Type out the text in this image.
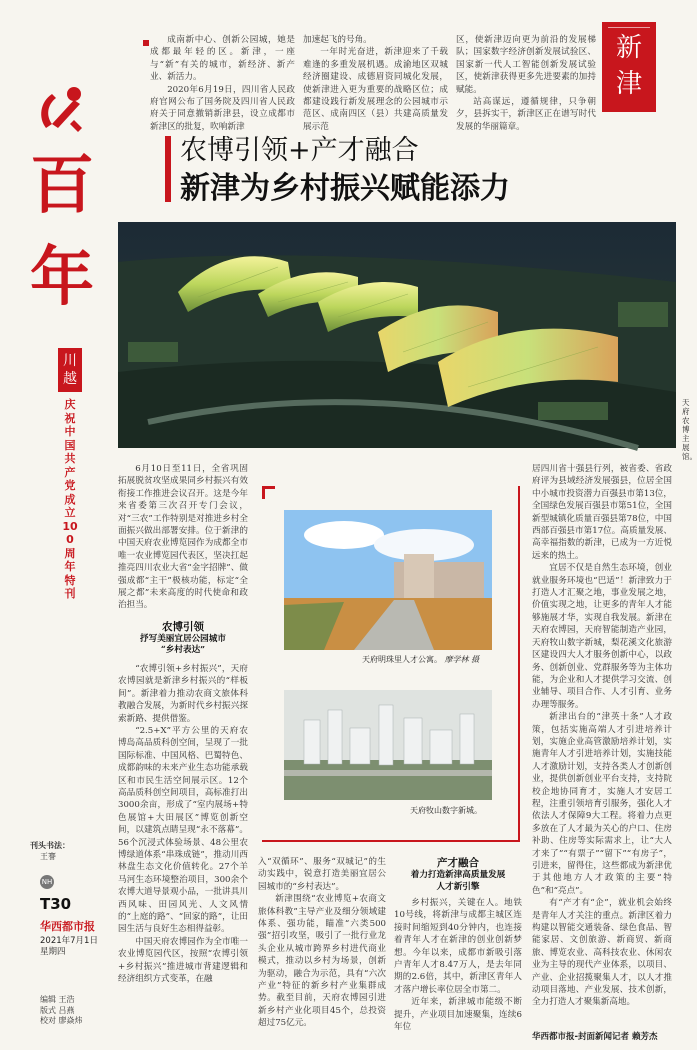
百年
川越
庆祝中国共产党成立100周年特刊
刊头书法：
王謇
NH
T30
华西都市报
2021年7月1日
星期四
编辑 王浩
版式 吕燕
校对 廖焱炜

成南新中心、创新公园城，她是成都最年轻的区。新津，一座与“新”有关的城市，新经济、新产业、新活力。

2020年6月19日，四川省人民政府官网公布了国务院及四川省人民政府关于同意撤销新津县，设立成都市新津区的批复，吹响新津

加速起飞的号角。

一年时光奋进，新津迎来了千载难逢的多重发展机遇。成渝地区双城经济圈建设、成德眉资同城化发展，使新津进入更为重要的战略区位；成都建设践行新发展理念的公园城市示范区、成南四区（县）共建高质量发展示范

区，使新津迈向更为前沿的发展梯队；国家数字经济创新发展试验区、国家新一代人工智能创新发展试验区，使新津获得更多先进要素的加持赋能。

站高谋远，遵循规律，只争朝夕，县拆实干，新津区正在谱写时代发展的华丽篇章。

新津
农博引领+产才融合
新津为乡村振兴赋能添力
天府农博主展馆。

6月10日至11日，全省巩固拓展脱贫攻坚成果同乡村振兴有效衔接工作推进会议召开。这是今年来省委第三次召开专门会议，对“三农”工作特别是对推进乡村全面振兴做出部署安排。位于新津的中国天府农业博览园作为成都全市唯一农业博览园代表区，坚决扛起推亮四川农业大省“金字招牌”、做强成都“主干”极核功能，标定“全展之都”未来高度的时代使命和政治担当。

农博引领
抒写美丽宜居公园城市
“乡村表达”

“农博引领+乡村振兴”，天府农博园就是新津乡村振兴的“样板间”。新津着力推动农商文旅体科教融合发展，为新时代乡村振兴探索新路、提供借鉴。

“2.5+X”平方公里的天府农博岛高品质科创空间，呈现了一批国际标准、中国风格、巴蜀特色、成都韵味的未来产业生态功能承载区和市民生活空间展示区。12个高品质科创空间项目，高标准打出3000余亩，形成了“室内展场+特色展馆+大田展区”博览创新空间，以建筑点睛呈现“永不落幕”。56个沉浸式体验场景、48公里农博绿道体系“串珠成链”，推动川西林盘生态文化价值转化。27个羊马河生态环境整治项目，300余个农博大道导景观小品，一批讲具川西风味、田园风光、人文风情的“上庭的路”、“回家的路”，让田园生活与良好生态相得益彰。

中国天府农博园作为全市唯一农业博览园代区，按照“农博引领+乡村振兴”推进城市背建逻辑和经济组织方式变革，在融

天府明珠里人才公寓。 摩学林 摄
天府牧山数字新城。

入“双循环”、服务“双城记”的生动实践中，锐意打造美丽宜居公园城市的“乡村表达”。

新津围绕“农业博览+农商文旅体科教”主导产业及细分领域建体系、强功能，瞄准“六类500强”招引攻坚，吸引了一批行业龙头企业从城市跨界乡村进代商业模式，推动以乡村为场景，创新为驱动，融合为示范，具有“六次产业”特征的新乡村产业集群成势。截至目前，天府农博园引进新乡村产业化项目45个，总投资超过75亿元。

产才融合
着力打造新津高质量发展
人才新引擎

乡村振兴，关键在人。地铁10号线，将新津与成都主城区连接时间缩短到40分钟内，也连接着青年人才在新津的创业创新梦想。今年以来，成都市新吸引落户青年人才8.47万人，是去年同期的2.6倍，其中，新津区青年人才落户增长率位居全市第二。

近年来，新津城市能级不断提升，产业项目加速聚集，连续6年位

居四川省十强县行列，被省委、省政府评为县域经济发展强县，位居全国中小城市投资潜力百强县市第13位，全国绿色发展百强县市第51位，全国新型城镇化质量百强县第78位，中国西部百强县市第17位。高质量发展、高幸福指数的新津，已成为一方近悦远来的热土。

宜居不仅是自然生态环境，创业就业服务环境也“巴适”！新津致力于打造人才汇聚之地，事业发展之地，价值实现之地，让更多的青年人才能够施展才华，实现自我发展。新津在天府农博园，天府智能制造产业园，天府牧山数字新城，梨花溪文化旅游区建设四大人才服务创新中心，以政务、创新创业、党群服务等为主体功能，为企业和人才提供学习交流、创业辅导、项目合作、人才引育、业务办理等服务。

新津出台的“津英十条”人才政策，包括实施高端人才引进培养计划，实施企业高管激励培养计划，实施青年人才引进培养计划，实施技能人才激励计划，支持各类人才创新创业，提供创新创业平台支持，支持院校企地协同育才，实施人才安居工程，注重引领培育引服务，强化人才依法人才保障9大工程。将着力点更多放在了人才最为关心的户口、住房补助、住房等实际需求上，让“大人才来了”“有票子”“留下”“有房子”，引进来，留得住，这些都成为新津优于其他地方人才政策的主要“特色”和“亮点”。

有“产才有“企”，就业机会始终是青年人才关注的重点。新津区着力构建以智能交通装备、绿色食品、智能家居、文创旅游、新商贸、新商旅、博览农业、高科技农业、休闲农业为主导的现代产业体系，以项目、产业、企业招揽聚集人才，以人才推动项目落地、产业发展、技术创新，全力打造人才聚集新高地。

华西都市报-封面新闻记者 赖芳杰
